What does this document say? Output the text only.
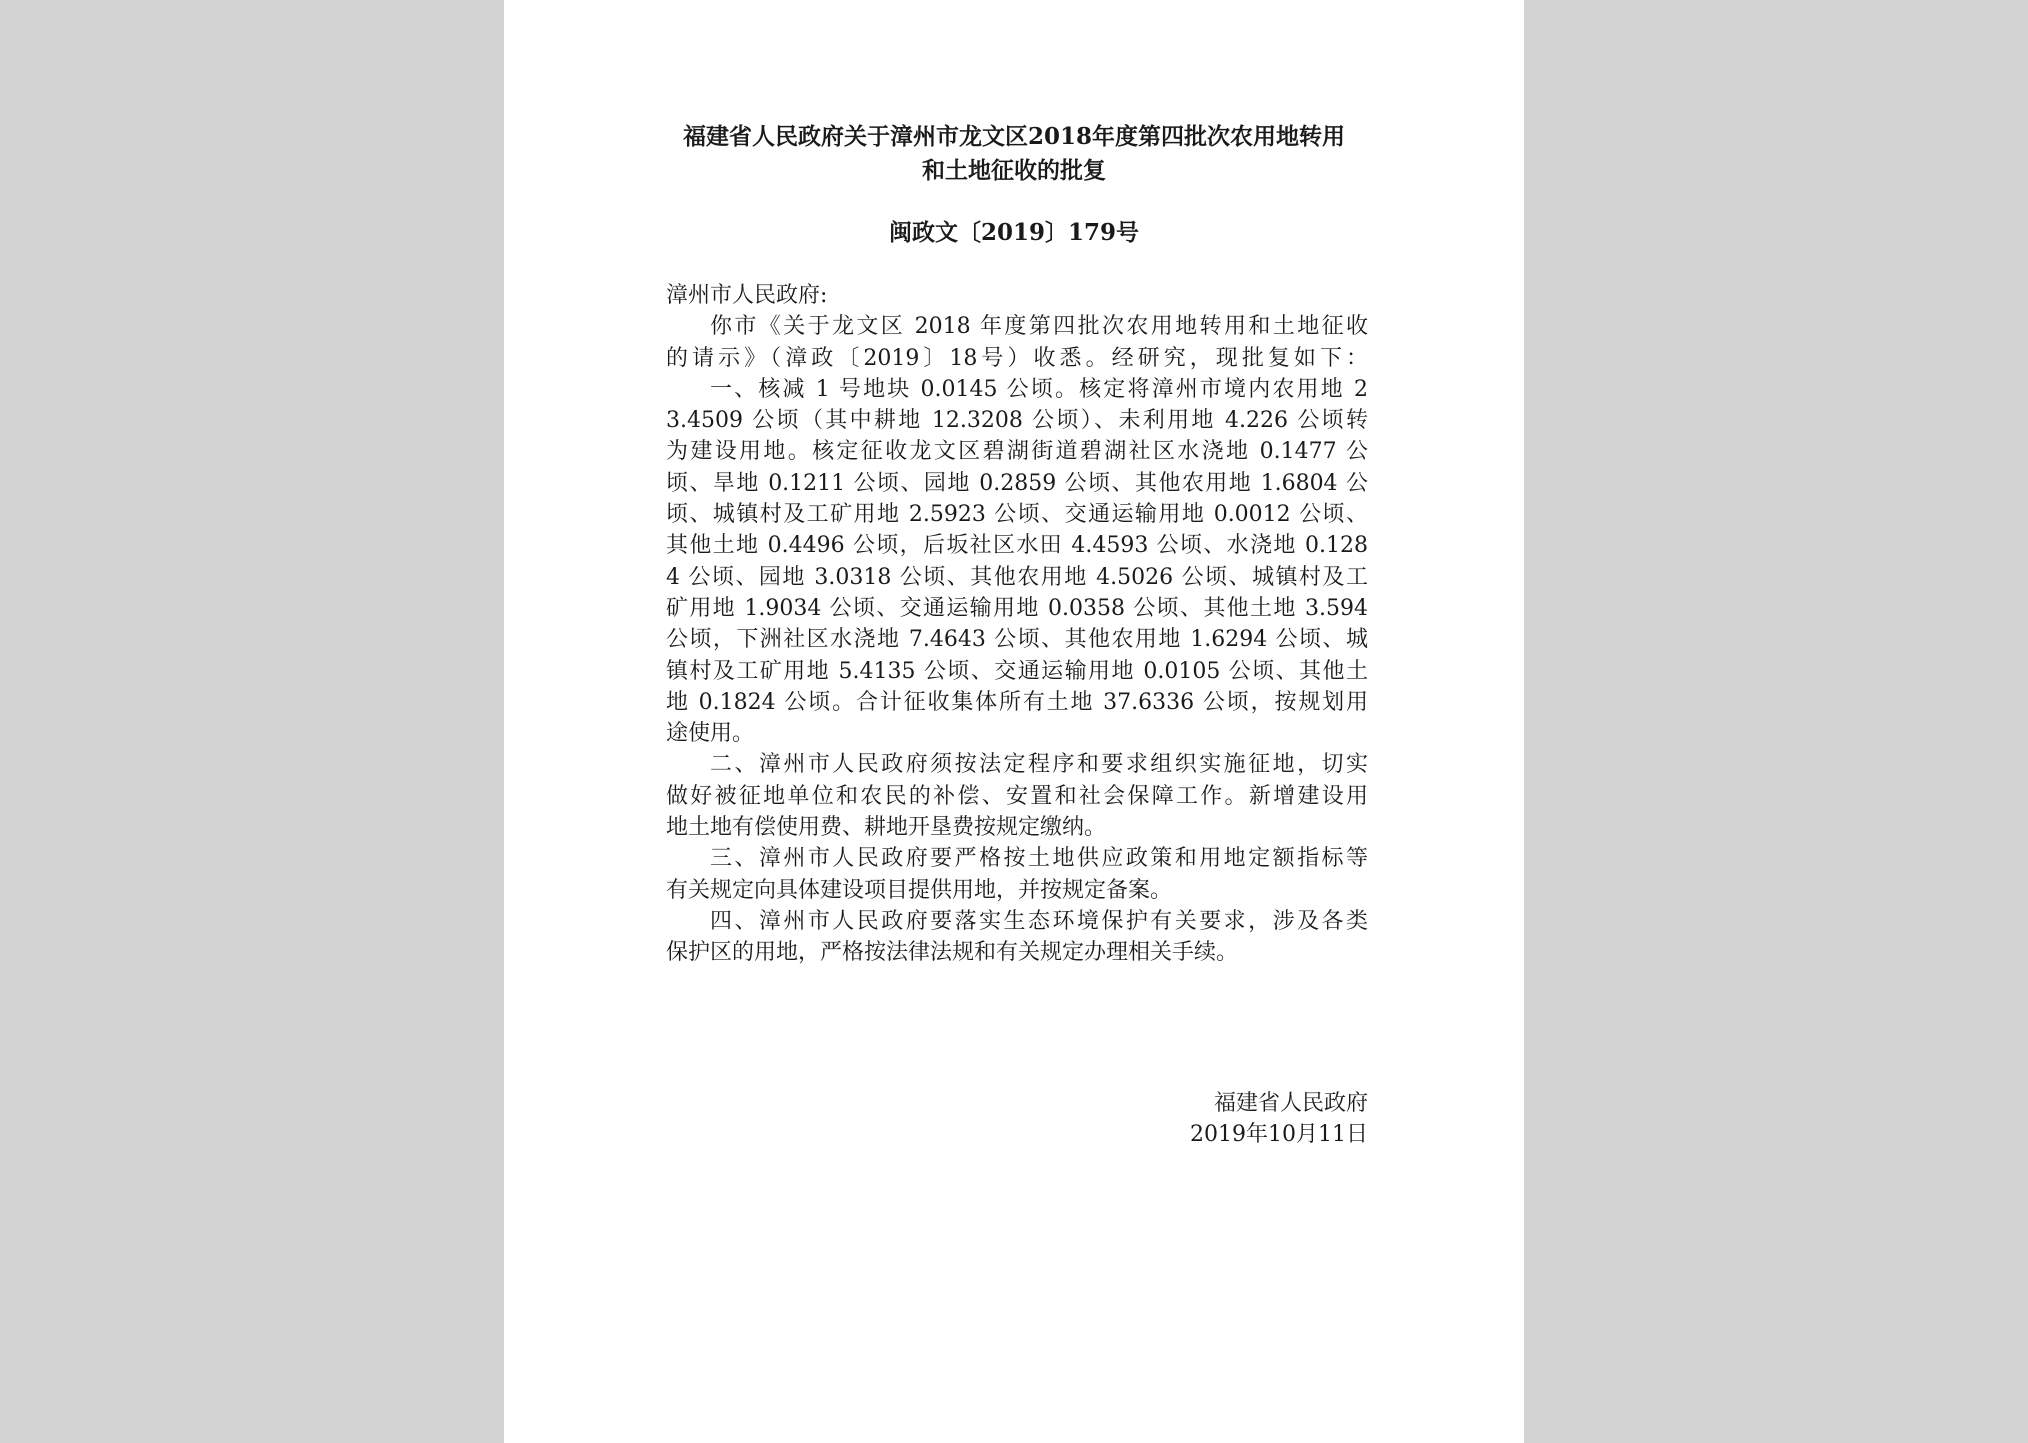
福建省人民政府关于漳州市龙文区2018年度第四批次农用地转用
和土地征收的批复

闽政文〔2019〕179号

漳州市人民政府:
你市《关于龙文区 2018 年度第四批次农用地转用和土地征收
的请示》（漳政〔2019〕18号）收悉。经研究，现批复如下：
一、核减 1 号地块 0.0145 公顷。核定将漳州市境内农用地 2
3.4509 公顷（其中耕地 12.3208 公顷）、未利用地 4.226 公顷转
为建设用地。核定征收龙文区碧湖街道碧湖社区水浇地 0.1477 公
顷、旱地 0.1211 公顷、园地 0.2859 公顷、其他农用地 1.6804 公
顷、城镇村及工矿用地 2.5923 公顷、交通运输用地 0.0012 公顷、
其他土地 0.4496 公顷，后坂社区水田 4.4593 公顷、水浇地 0.128
4 公顷、园地 3.0318 公顷、其他农用地 4.5026 公顷、城镇村及工
矿用地 1.9034 公顷、交通运输用地 0.0358 公顷、其他土地 3.594
公顷，下洲社区水浇地 7.4643 公顷、其他农用地 1.6294 公顷、城
镇村及工矿用地 5.4135 公顷、交通运输用地 0.0105 公顷、其他土
地 0.1824 公顷。合计征收集体所有土地 37.6336 公顷，按规划用
途使用。
二、漳州市人民政府须按法定程序和要求组织实施征地，切实
做好被征地单位和农民的补偿、安置和社会保障工作。新增建设用
地土地有偿使用费、耕地开垦费按规定缴纳。
三、漳州市人民政府要严格按土地供应政策和用地定额指标等
有关规定向具体建设项目提供用地，并按规定备案。
四、漳州市人民政府要落实生态环境保护有关要求，涉及各类
保护区的用地，严格按法律法规和有关规定办理相关手续。
福建省人民政府
2019年10月11日
